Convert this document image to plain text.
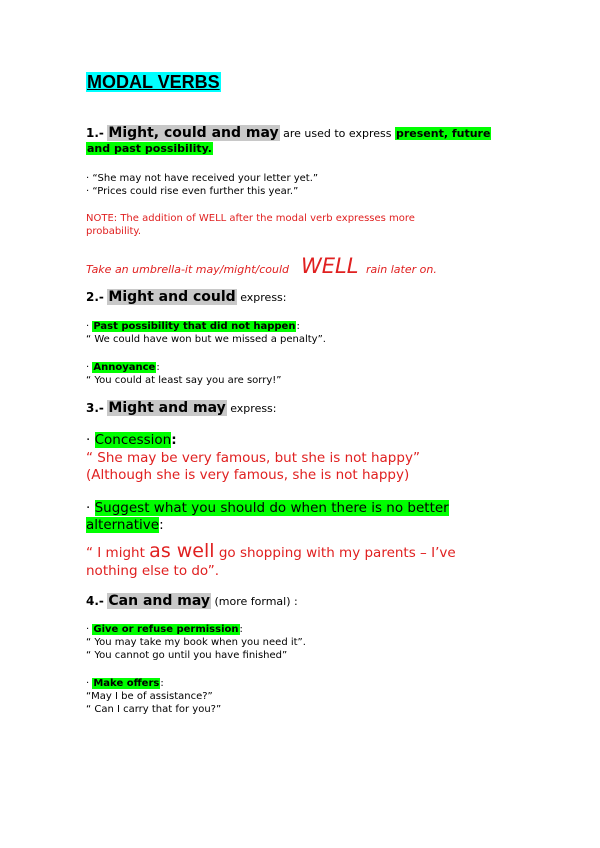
MODAL VERBS
1.- Might, could and may are used to express present, future
and past possibility.
· “She may not have received your letter yet.”
· “Prices could rise even further this year.”
NOTE: The addition of WELL after the modal verb expresses more
probability.
Take an umbrella-it may/might/could WELL rain later on.
2.- Might and could express:
· Past possibility that did not happen:
“ We could have won but we missed a penalty”.
· Annoyance:
“ You could at least say you are sorry!”
3.- Might and may express:
· Concession:
“ She may be very famous, but she is not happy”
(Although she is very famous, she is not happy)
· Suggest what you should do when there is no better
alternative:
“ I might as well go shopping with my parents – I’ve
nothing else to do”.
4.- Can and may (more formal) :
· Give or refuse permission:
“ You may take my book when you need it”.
“ You cannot go until you have finished”
· Make offers:
“May I be of assistance?”
“ Can I carry that for you?”
